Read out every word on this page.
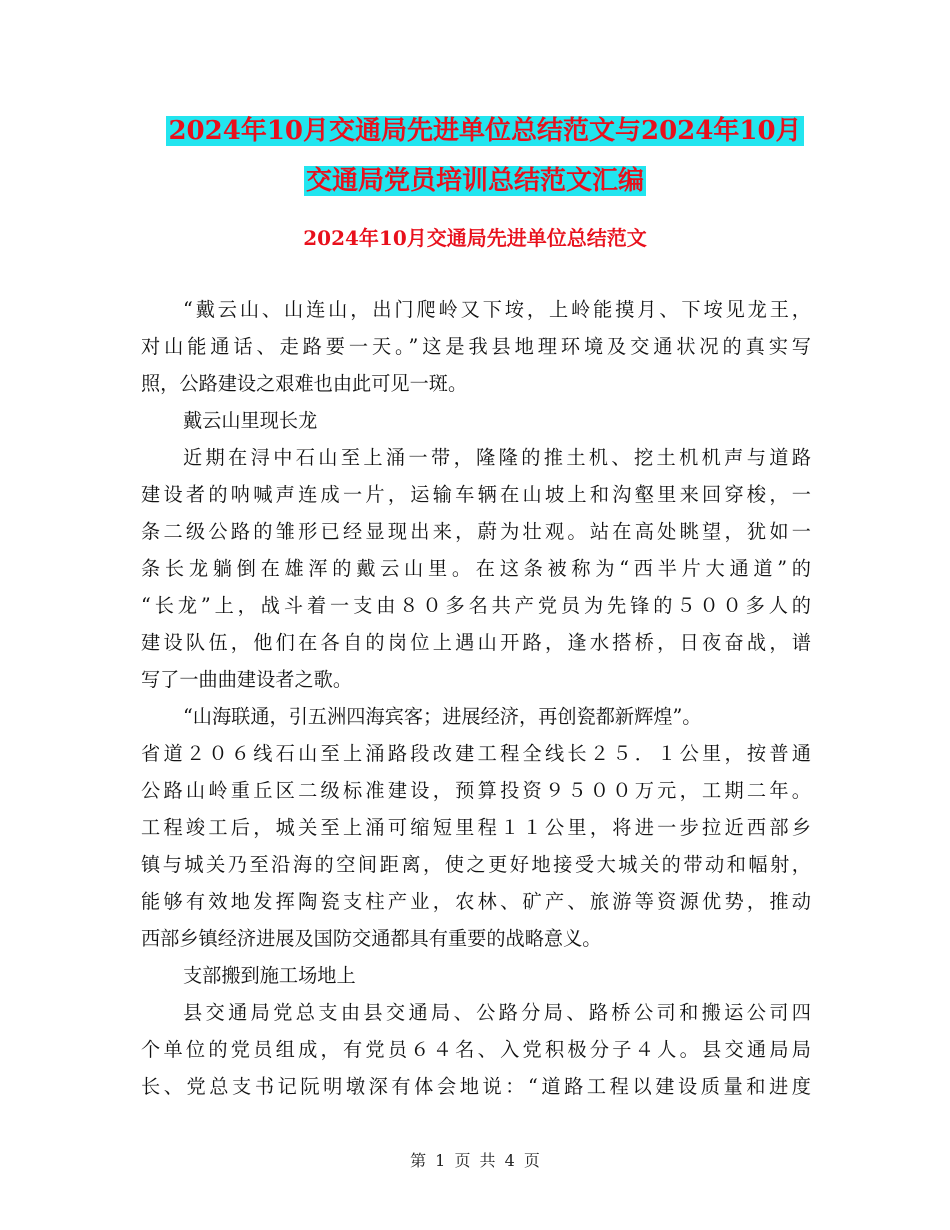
2024年10月交通局先进单位总结范文与2024年10月
交通局党员培训总结范文汇编
2024年10月交通局先进单位总结范文
“戴云山、山连山，出门爬岭又下垵，上岭能摸月、下垵见龙王，
对山能通话、走路要一天。”这是我县地理环境及交通状况的真实写
照，公路建设之艰难也由此可见一斑。
戴云山里现长龙
近期在浔中石山至上涌一带，隆隆的推土机、挖土机机声与道路
建设者的呐喊声连成一片，运输车辆在山坡上和沟壑里来回穿梭，一
条二级公路的雏形已经显现出来，蔚为壮观。站在高处眺望，犹如一
条长龙躺倒在雄浑的戴云山里。在这条被称为“西半片大通道”的
“长龙”上，战斗着一支由８０多名共产党员为先锋的５００多人的
建设队伍，他们在各自的岗位上遇山开路，逢水搭桥，日夜奋战，谱
写了一曲曲建设者之歌。
“山海联通，引五洲四海宾客；进展经济，再创瓷都新辉煌”。
省道２０６线石山至上涌路段改建工程全线长２５．１公里，按普通
公路山岭重丘区二级标准建设，预算投资９５００万元，工期二年。
工程竣工后，城关至上涌可缩短里程１１公里，将进一步拉近西部乡
镇与城关乃至沿海的空间距离，使之更好地接受大城关的带动和幅射，
能够有效地发挥陶瓷支柱产业，农林、矿产、旅游等资源优势，推动
西部乡镇经济进展及国防交通都具有重要的战略意义。
支部搬到施工场地上
县交通局党总支由县交通局、公路分局、路桥公司和搬运公司四
个单位的党员组成，有党员６４名、入党积极分子４人。县交通局局
长、党总支书记阮明墩深有体会地说：“道路工程以建设质量和进度
第 1 页 共 4 页
